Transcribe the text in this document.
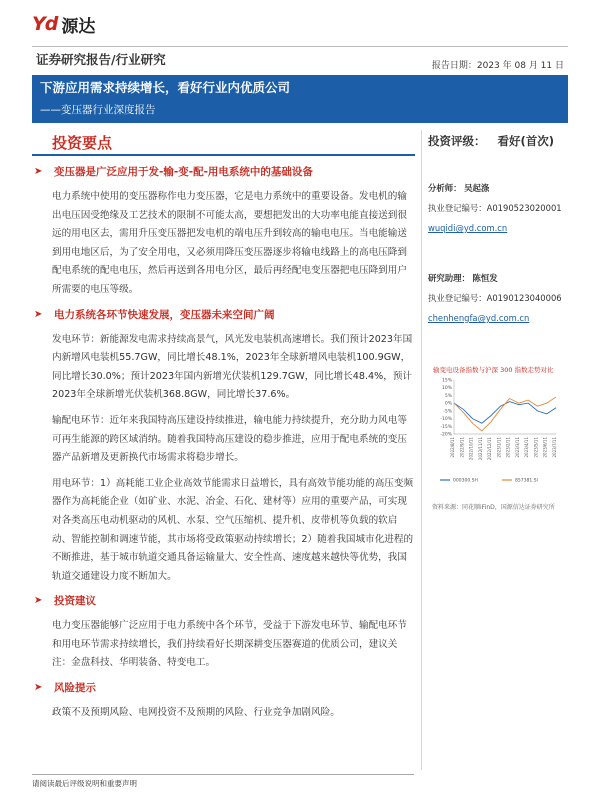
Yd 源达
证券研究报告/行业研究	报告日期：2023 年 08 月 11 日
下游应用需求持续增长，看好行业内优质公司
——变压器行业深度报告
投资要点
➤ 变压器是广泛应用于发-输-变-配-用电系统中的基础设备

电力系统中使用的变压器称作电力变压器，它是电力系统中的重要设备。发电机的输出电压因受绝缘及工艺技术的限制不可能太高，要想把发出的大功率电能直接送到很远的用电区去，需用升压变压器把发电机的端电压升到较高的输电电压。当电能输送到用电地区后，为了安全用电，又必须用降压变压器逐步将输电线路上的高电压降到配电系统的配电电压，然后再送到各用电分区，最后再经配电变压器把电压降到用户所需要的电压等级。

➤ 电力系统各环节快速发展，变压器未来空间广阔

发电环节：新能源发电需求持续高景气，风光发电装机高速增长。我们预计2023年国内新增风电装机55.7GW，同比增长48.1%，2023年全球新增风电装机100.9GW，同比增长30.0%；预计2023年国内新增光伏装机129.7GW，同比增长48.4%，预计2023年全球新增光伏装机368.8GW，同比增长37.6%。

输配电环节：近年来我国特高压建设持续推进，输电能力持续提升，充分助力风电等可再生能源的跨区域消纳。随着我国特高压建设的稳步推进，应用于配电系统的变压器产品新增及更新换代市场需求将稳步增长。

用电环节：1）高耗能工业企业高效节能需求日益增长，具有高效节能功能的高压变频器作为高耗能企业（如矿业、水泥、冶金、石化、建材等）应用的重要产品，可实现对各类高压电动机驱动的风机、水泵、空气压缩机、提升机、皮带机等负载的软启动、智能控制和调速节能，其市场将受政策驱动持续增长；2）随着我国城市化进程的不断推进，基于城市轨道交通具备运输量大、安全性高、速度越来越快等优势，我国轨道交通建设力度不断加大。

➤ 投资建议

电力变压器能够广泛应用于电力系统中各个环节，受益于下游发电环节、输配电环节和用电环节需求持续增长，我们持续看好长期深耕变压器赛道的优质公司，建议关注：金盘科技、华明装备、特变电工。

➤ 风险提示

政策不及预期风险、电网投资不及预期的风险、行业竞争加剧风险。

投资评级： 看好(首次)
分析师： 吴起涤
执业登记编号：A0190523020001
wuqidi@yd.com.cn
研究助理： 陈恒发
执业登记编号：A0190123040006
chenhengfa@yd.com.cn
输变电设备指数与沪深 300 指数走势对比
15%
10%
5%
0%
-5%
-10%
-15%
-20%
2022/8/11 2022/9/11 2022/10/11 2022/11/11 2022/12/11 2023/1/11 2023/2/11 2023/3/11 2023/4/11 2023/5/11 2023/6/11 2023/7/11
000300.SH	857381.SI
资料来源：同花顺iFinD，国源信达证券研究所
请阅读最后评级说明和重要声明
